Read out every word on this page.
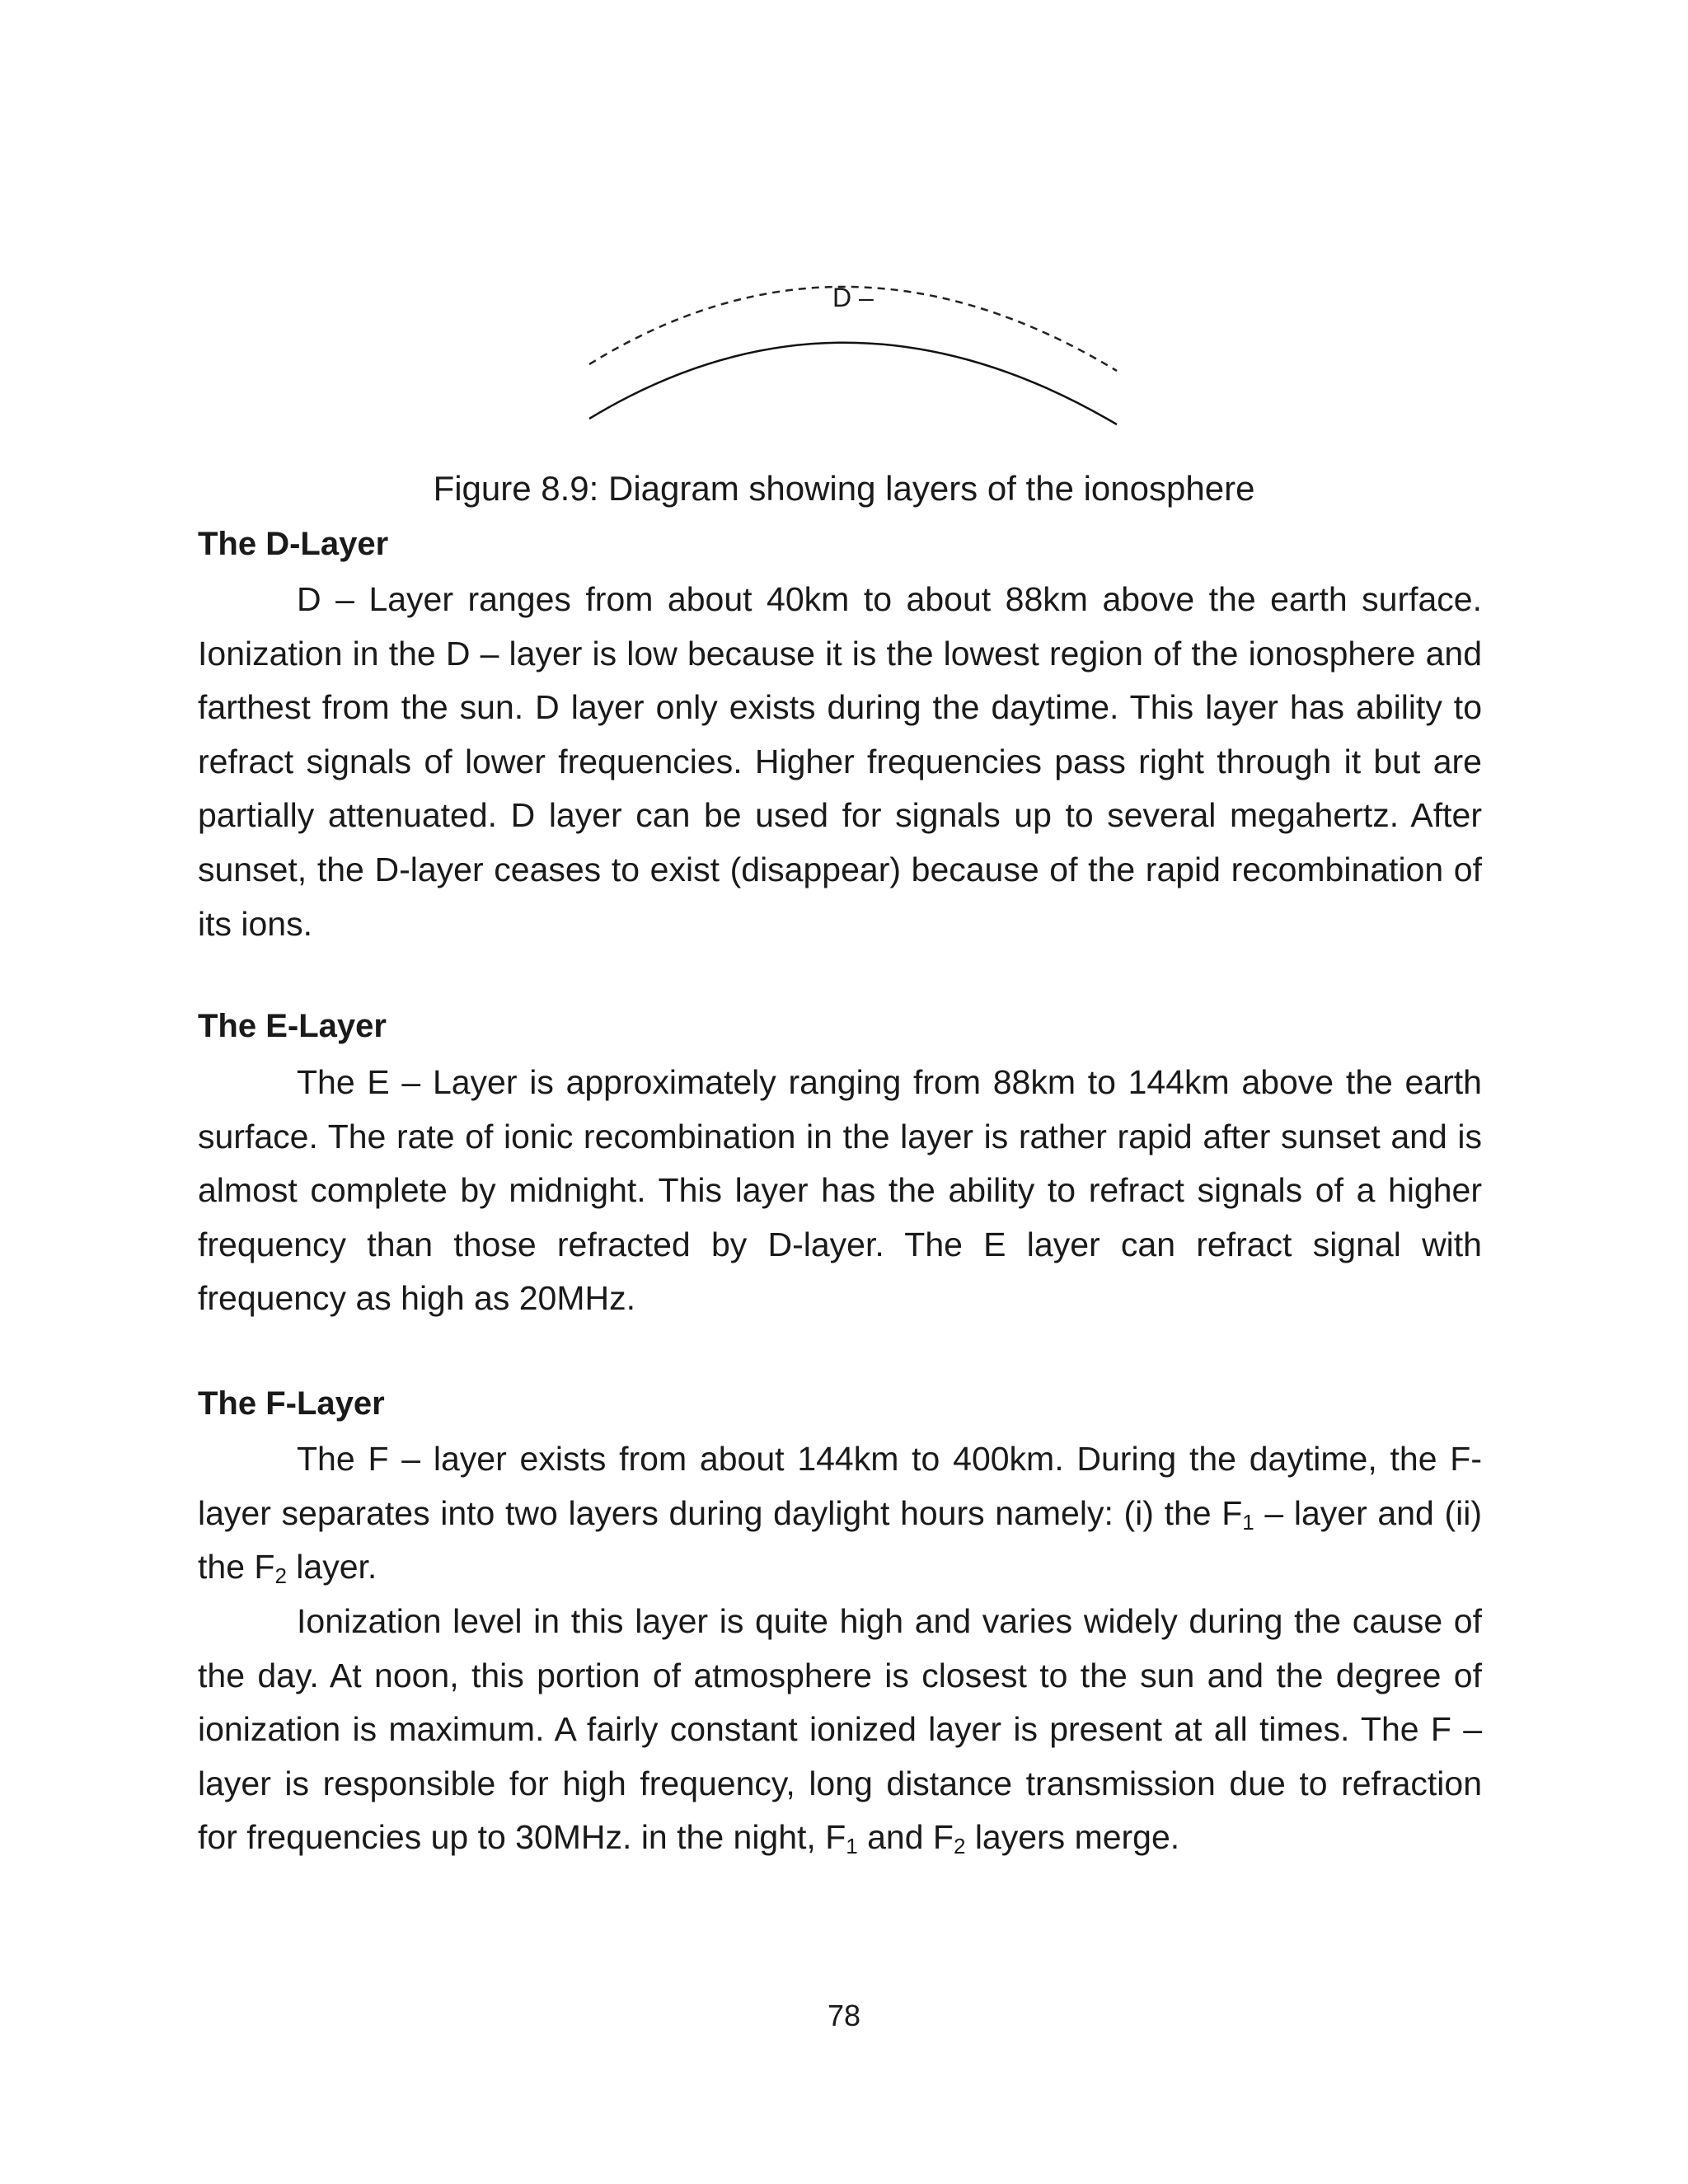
D –
Figure 8.9: Diagram showing layers of the ionosphere
The D-Layer

D – Layer ranges from about 40km to about 88km above the earth surface. Ionization in the D – layer is low because it is the lowest region of the ionosphere and farthest from the sun. D layer only exists during the daytime. This layer has ability to refract signals of lower frequencies. Higher frequencies pass right through it but are partially attenuated. D layer can be used for signals up to several megahertz. After sunset, the D-layer ceases to exist (disappear) because of the rapid recombination of its ions.

The E-Layer

The E – Layer is approximately ranging from 88km to 144km above the earth surface. The rate of ionic recombination in the layer is rather rapid after sunset and is almost complete by midnight. This layer has the ability to refract signals of a higher frequency than those refracted by D-layer. The E layer can refract signal with frequency as high as 20MHz.

The F-Layer

The F – layer exists from about 144km to 400km. During the daytime, the F-layer separates into two layers during daylight hours namely: (i) the $F_1$ – layer and (ii) the $F_2$ layer.

Ionization level in this layer is quite high and varies widely during the cause of the day. At noon, this portion of atmosphere is closest to the sun and the degree of ionization is maximum. A fairly constant ionized layer is present at all times. The F – layer is responsible for high frequency, long distance transmission due to refraction for frequencies up to 30MHz. in the night, $F_1$ and $F_2$ layers merge.

78
